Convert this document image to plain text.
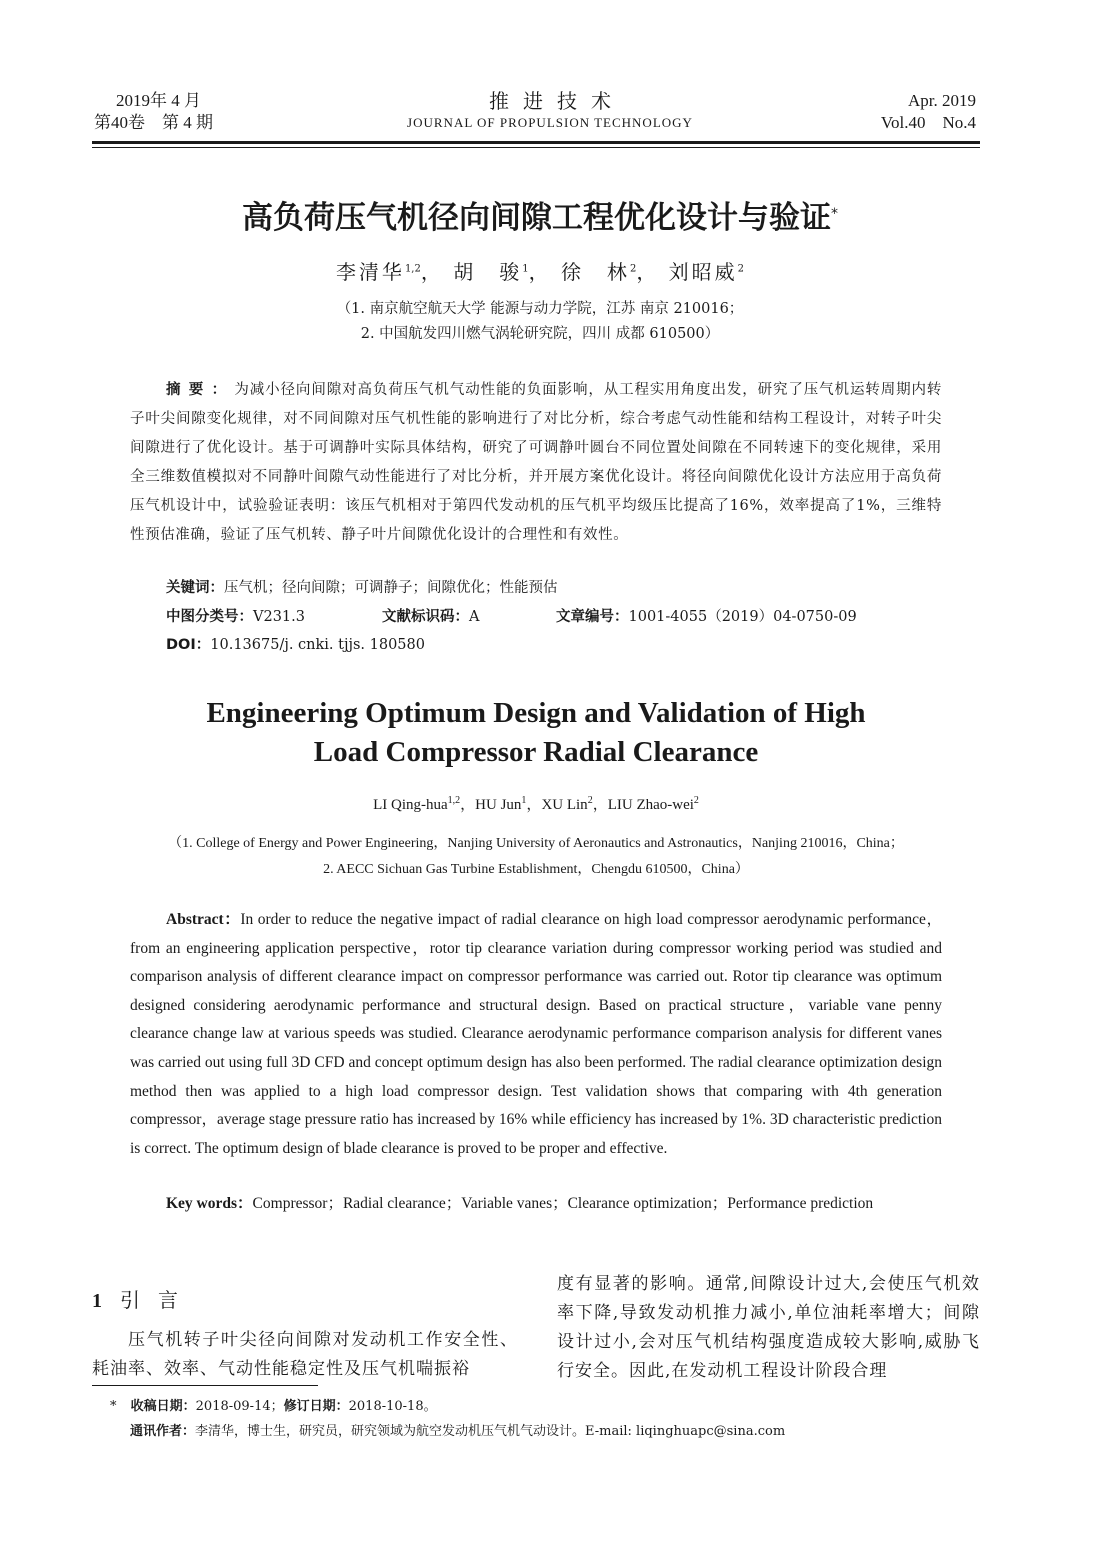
2019年 4 月
第40卷　第 4 期
推进技术
JOURNAL OF PROPULSION TECHNOLOGY
Apr. 2019
Vol.40　No.4
高负荷压气机径向间隙工程优化设计与验证*
李清华$^{1,2}$， 胡　骏$^1$， 徐　林$^2$， 刘昭威$^2$
（1. 南京航空航天大学 能源与动力学院，江苏 南京 210016；
2. 中国航发四川燃气涡轮研究院，四川 成都 610500）
摘要：为减小径向间隙对高负荷压气机气动性能的负面影响，从工程实用角度出发，研究了压气机运转周期内转子叶尖间隙变化规律，对不同间隙对压气机性能的影响进行了对比分析，综合考虑气动性能和结构工程设计，对转子叶尖间隙进行了优化设计。基于可调静叶实际具体结构，研究了可调静叶圆台不同位置处间隙在不同转速下的变化规律，采用全三维数值模拟对不同静叶间隙气动性能进行了对比分析，并开展方案优化设计。将径向间隙优化设计方法应用于高负荷压气机设计中，试验验证表明：该压气机相对于第四代发动机的压气机平均级压比提高了16%，效率提高了1%，三维特性预估准确，验证了压气机转、静子叶片间隙优化设计的合理性和有效性。
关键词：压气机；径向间隙；可调静子；间隙优化；性能预估
中图分类号：V231.3	文献标识码：A	文章编号：1001-4055（2019）04-0750-09
DOI：10.13675/j. cnki. tjjs. 180580
Engineering Optimum Design and Validation of High
Load Compressor Radial Clearance
LI Qing-hua$^{1,2}$，HU Jun$^1$，XU Lin$^2$，LIU Zhao-wei$^2$
（1. College of Energy and Power Engineering，Nanjing University of Aeronautics and Astronautics，Nanjing 210016，China；
2. AECC Sichuan Gas Turbine Establishment，Chengdu 610500，China）
Abstract：In order to reduce the negative impact of radial clearance on high load compressor aerodynamic performance，from an engineering application perspective，rotor tip clearance variation during compressor working period was studied and comparison analysis of different clearance impact on compressor performance was carried out. Rotor tip clearance was optimum designed considering aerodynamic performance and structural design. Based on practical structure，variable vane penny clearance change law at various speeds was studied. Clearance aerodynamic performance comparison analysis for different vanes was carried out using full 3D CFD and concept optimum design has also been performed. The radial clearance optimization design method then was applied to a high load compressor design. Test validation shows that comparing with 4th generation compressor，average stage pressure ratio has increased by 16% while efficiency has increased by 1%. 3D characteristic prediction is correct. The optimum design of blade clearance is proved to be proper and effective.
Key words：Compressor；Radial clearance；Variable vanes；Clearance optimization；Performance prediction
1 引言
压气机转子叶尖径向间隙对发动机工作安全性、耗油率、效率、气动性能稳定性及压气机喘振裕
度有显著的影响。通常,间隙设计过大,会使压气机效率下降,导致发动机推力减小,单位油耗率增大；间隙设计过小,会对压气机结构强度造成较大影响,威胁飞行安全。因此,在发动机工程设计阶段合理
* 收稿日期：2018-09-14；修订日期：2018-10-18。
通讯作者：李清华，博士生，研究员，研究领域为航空发动机压气机气动设计。E-mail: liqinghuapc@sina.com
